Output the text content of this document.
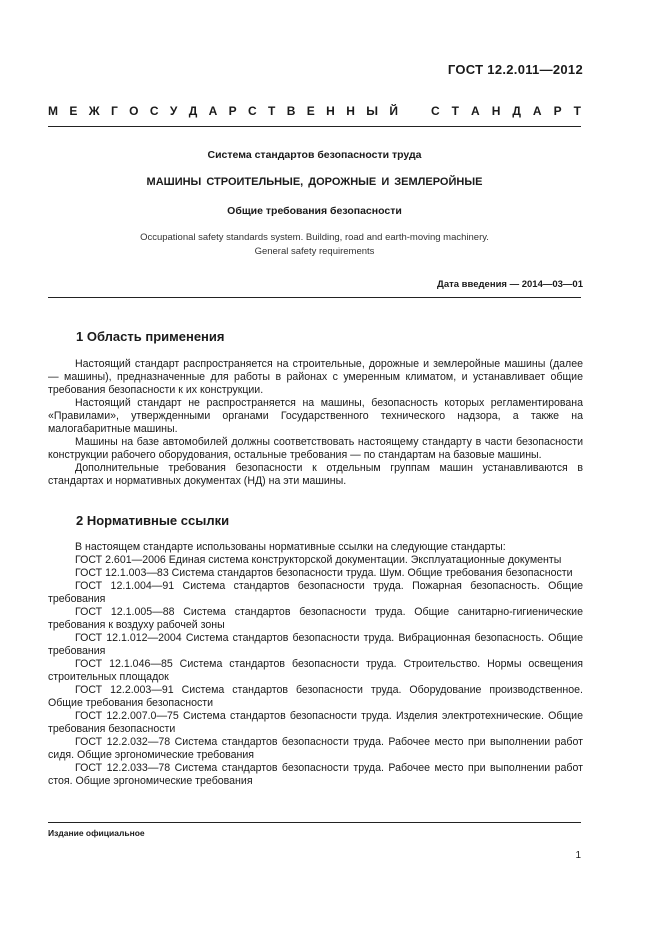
ГОСТ 12.2.011—2012
М Е Ж Г О С У Д А Р С Т В Е Н Н Ы Й	С Т А Н Д А Р Т
Система стандартов безопасности труда
МАШИНЫ СТРОИТЕЛЬНЫЕ, ДОРОЖНЫЕ И ЗЕМЛЕРОЙНЫЕ
Общие требования безопасности
Occupational safety standards system. Building, road and earth-moving machinery.
General safety requirements
Дата введения — 2014—03—01
1 Область применения

Настоящий стандарт распространяется на строительные, дорожные и землеройные машины (далее — машины), предназначенные для работы в районах с умеренным климатом, и устанавливает общие требования безопасности к их конструкции.

Настоящий стандарт не распространяется на машины, безопасность которых регламентирована «Правилами», утвержденными органами Государственного технического надзора, а также на малогабаритные машины.

Машины на базе автомобилей должны соответствовать настоящему стандарту в части безопасности конструкции рабочего оборудования, остальные требования — по стандартам на базовые машины.

Дополнительные требования безопасности к отдельным группам машин устанавливаются в стандартах и нормативных документах (НД) на эти машины.

2 Нормативные ссылки

В настоящем стандарте использованы нормативные ссылки на следующие стандарты:

ГОСТ 2.601—2006 Единая система конструкторской документации. Эксплуатационные документы

ГОСТ 12.1.003—83 Система стандартов безопасности труда. Шум. Общие требования безопасности

ГОСТ 12.1.004—91 Система стандартов безопасности труда. Пожарная безопасность. Общие требования

ГОСТ 12.1.005—88 Система стандартов безопасности труда. Общие санитарно-гигиенические требования к воздуху рабочей зоны

ГОСТ 12.1.012—2004 Система стандартов безопасности труда. Вибрационная безопасность. Общие требования

ГОСТ 12.1.046—85 Система стандартов безопасности труда. Строительство. Нормы освещения строительных площадок

ГОСТ 12.2.003—91 Система стандартов безопасности труда. Оборудование производственное. Общие требования безопасности

ГОСТ 12.2.007.0—75 Система стандартов безопасности труда. Изделия электротехнические. Общие требования безопасности

ГОСТ 12.2.032—78 Система стандартов безопасности труда. Рабочее место при выполнении работ сидя. Общие эргономические требования

ГОСТ 12.2.033—78 Система стандартов безопасности труда. Рабочее место при выполнении работ стоя. Общие эргономические требования

Издание официальное
1
